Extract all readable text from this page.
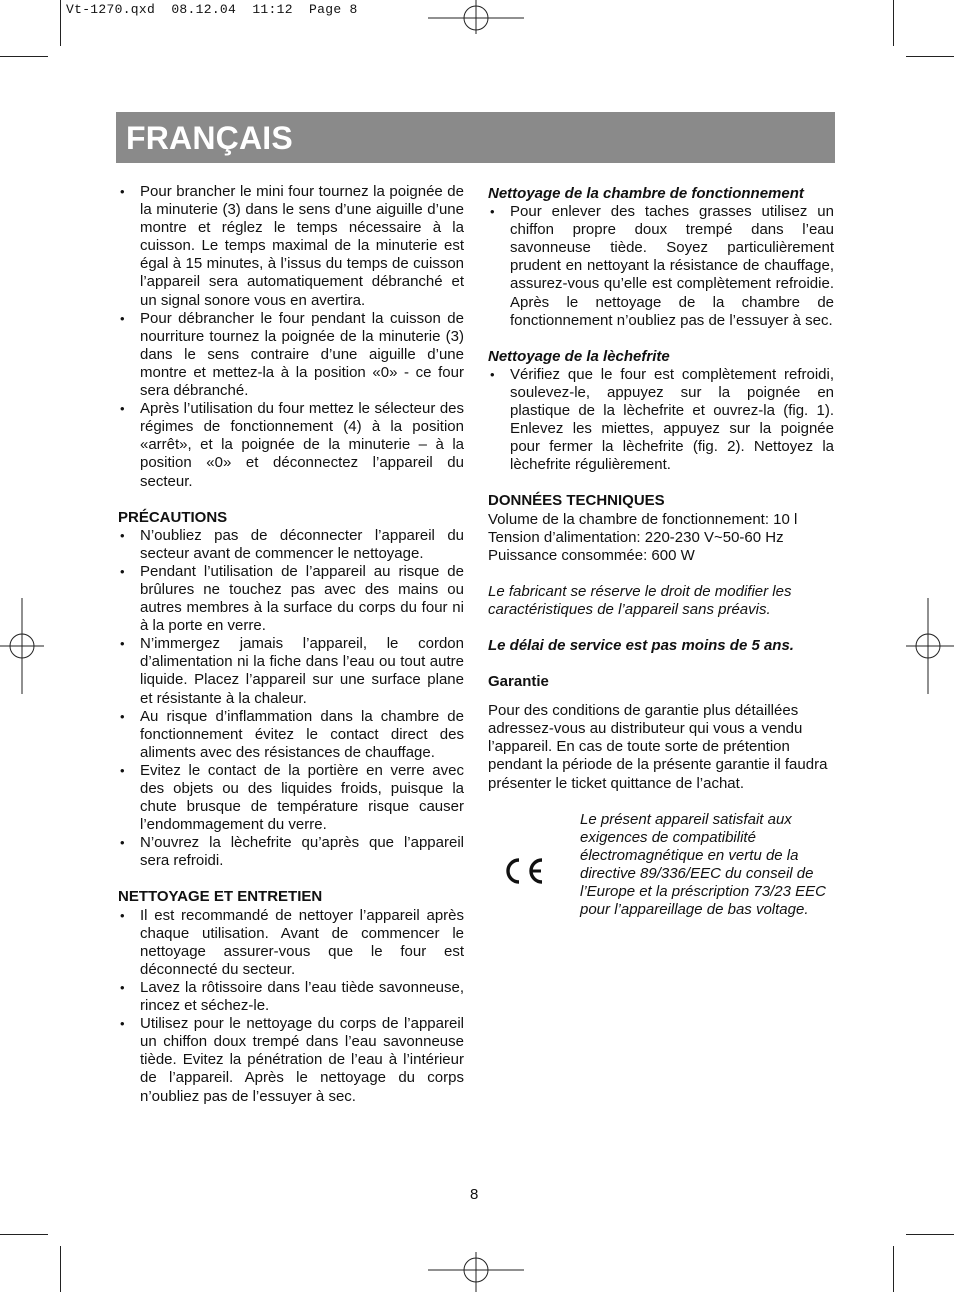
Vt-1270.qxd  08.12.04  11:12  Page 8
FRANÇAIS
• Pour brancher le mini four tournez la poignée de la minuterie (3) dans le sens d’une aiguille d’une montre et réglez le temps nécessaire à la cuisson. Le temps maximal de la minuterie est égal à 15 minutes, à l’issus du temps de cuisson l’appareil sera automatiquement débranché et un signal sonore vous en avertira.
• Pour débrancher le four pendant la cuisson de nourriture tournez la poignée de la minuterie (3) dans le sens contraire d’une aiguille d’une montre et mettez-la à la position «0» - ce four sera débranché.
• Après l’utilisation du four mettez le sélecteur des régimes de fonctionnement (4) à la position «arrêt», et la poignée de la minuterie – à la position «0» et déconnectez l’appareil du secteur.

PRÉCAUTIONS

• N’oubliez pas de déconnecter l’appareil du secteur avant de commencer le nettoyage.
• Pendant l’utilisation de l’appareil au risque de brûlures ne touchez pas avec des mains ou autres membres à la surface du corps du four ni à la porte en verre.
• N’immergez jamais l’appareil, le cordon d’alimentation ni la fiche dans l’eau ou tout autre liquide. Placez l’appareil sur une surface plane et résistante à la chaleur.
• Au risque d’inflammation dans la chambre de fonctionnement évitez le contact direct des aliments avec des résistances de chauffage.
• Evitez le contact de la portière en verre avec des objets ou des liquides froids, puisque la chute brusque de température risque causer l’endommagement du verre.
• N’ouvrez la lèchefrite qu’après que l’appareil sera refroidi.

NETTOYAGE ET ENTRETIEN

• Il est recommandé de nettoyer l’appareil après chaque utilisation. Avant de commencer le nettoyage assurer-vous que le four est déconnecté du secteur.
• Lavez la rôtissoire dans l’eau tiède savonneuse, rincez et séchez-le.
• Utilisez pour le nettoyage du corps de l’appareil un chiffon doux trempé dans l’eau savonneuse tiède. Evitez la pénétration de l’eau à l’intérieur de l’appareil. Après le nettoyage du corps n’oubliez pas de l’essuyer à sec.

Nettoyage de la chambre de fonctionnement

• Pour enlever des taches grasses utilisez un chiffon propre doux trempé dans l’eau savonneuse tiède. Soyez particulièrement prudent en nettoyant la résistance de chauffage, assurez-vous qu’elle est complètement refroidie. Après le nettoyage de la chambre de fonctionnement n’oubliez pas de l’essuyer à sec.

Nettoyage de la lèchefrite

• Vérifiez que le four est complètement refroidi, soulevez-le, appuyez sur la poignée en plastique de la lèchefrite et ouvrez-la (fig. 1). Enlevez les miettes, appuyez sur la poignée pour fermer la lèchefrite (fig. 2). Nettoyez la lèchefrite régulièrement.

DONNÉES TECHNIQUES

Volume de la chambre de fonctionnement: 10 l

Tension d’alimentation: 220-230 V~50-60 Hz

Puissance consommée: 600 W

Le fabricant se réserve le droit de modifier les caractéristiques de l’appareil sans préavis.

Le délai de service est pas moins de 5 ans.

Garantie

Pour des conditions de garantie plus détaillées adressez-vous au distributeur qui vous a vendu l’appareil. En cas de toute sorte de prétention pendant la période de la présente garantie il faudra présenter le ticket quittance de l’achat.

Le présent appareil satisfait aux exigences de compatibilité électromagnétique en vertu de la directive 89/336/EEC du conseil de l’Europe et la préscription 73/23 EEC pour l’appareillage de bas voltage.

8
